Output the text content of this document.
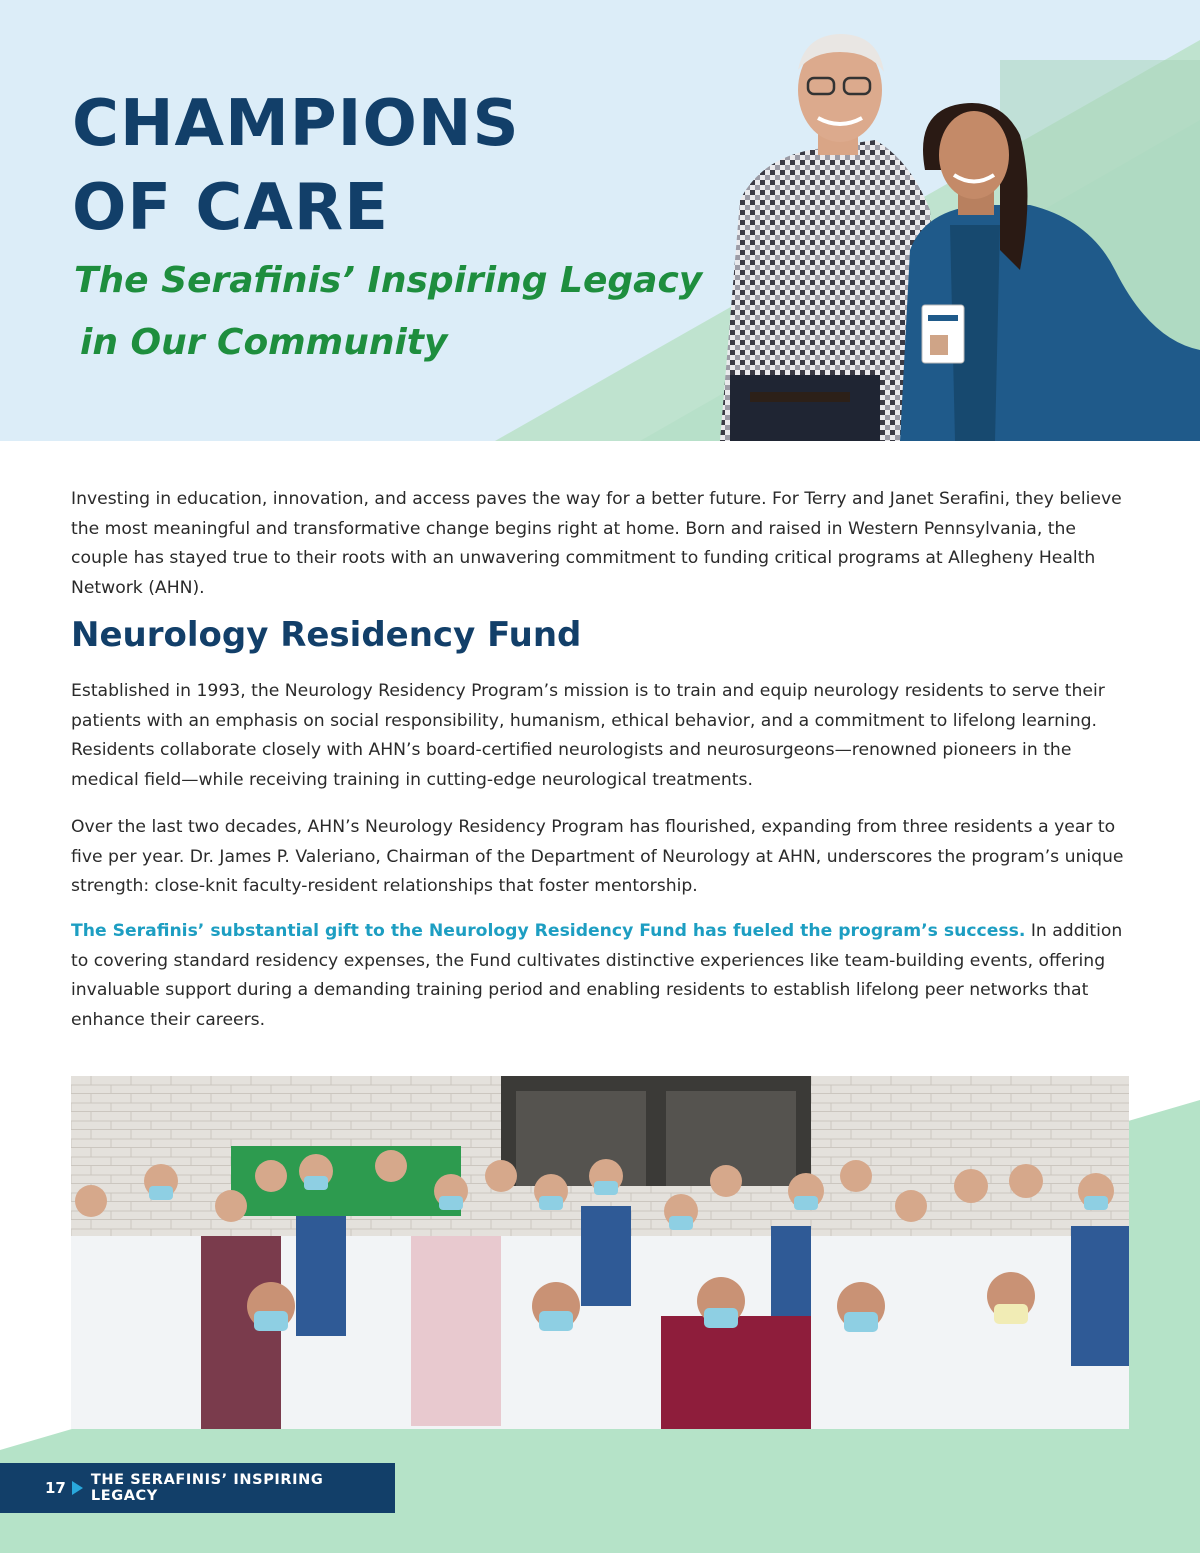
CHAMPIONS
OF CARE
The Serafinis’ Inspiring Legacy
in Our Community

Investing in education, innovation, and access paves the way for a better future. For Terry and Janet Serafini, they believe the most meaningful and transformative change begins right at home. Born and raised in Western Pennsylvania, the couple has stayed true to their roots with an unwavering commitment to funding critical programs at Allegheny Health Network (AHN).

Neurology Residency Fund

Established in 1993, the Neurology Residency Program’s mission is to train and equip neurology residents to serve their patients with an emphasis on social responsibility, humanism, ethical behavior, and a commitment to lifelong learning. Residents collaborate closely with AHN’s board-certified neurologists and neurosurgeons—renowned pioneers in the medical field—while receiving training in cutting-edge neurological treatments.

Over the last two decades, AHN’s Neurology Residency Program has flourished, expanding from three residents a year to five per year. Dr. James P. Valeriano, Chairman of the Department of Neurology at AHN, underscores the program’s unique strength: close-knit faculty-resident relationships that foster mentorship.

The Serafinis’ substantial gift to the Neurology Residency Fund has fueled the program’s success. In addition to covering standard residency expenses, the Fund cultivates distinctive experiences like team-building events, offering invaluable support during a demanding training period and enabling residents to establish lifelong peer networks that enhance their careers.

17 THE SERAFINIS’ INSPIRING LEGACY
